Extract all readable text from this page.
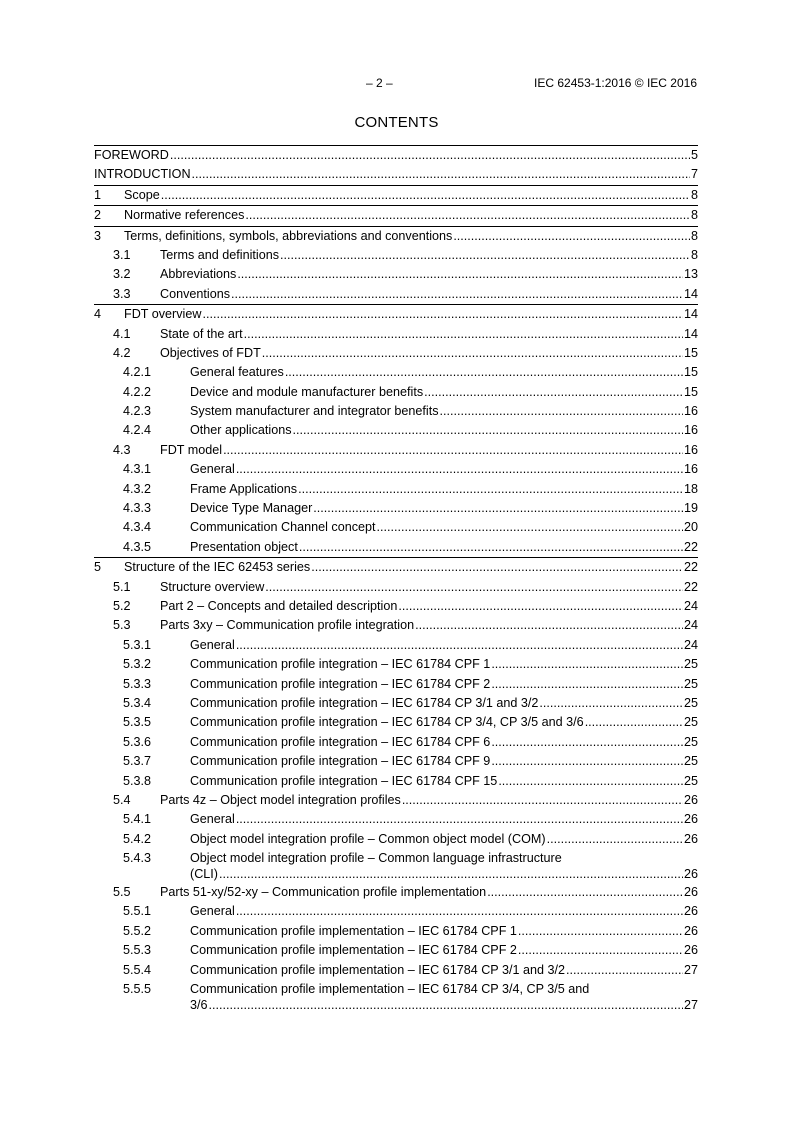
– 2 –	IEC 62453-1:2016 © IEC 2016
CONTENTS
FOREWORD .....	5
INTRODUCTION .....	7
1 Scope .....	8
2 Normative references .....	8
3 Terms, definitions, symbols, abbreviations and conventions .....	8
3.1 Terms and definitions .....	8
3.2 Abbreviations .....	13
3.3 Conventions .....	14
4 FDT overview .....	14
4.1 State of the art .....	14
4.2 Objectives of FDT .....	15
4.2.1	General features .....	15
4.2.2	Device and module manufacturer benefits .....	15
4.2.3	System manufacturer and integrator benefits .....	16
4.2.4	Other applications .....	16
4.3 FDT model .....	16
4.3.1	General .....	16
4.3.2	Frame Applications .....	18
4.3.3	Device Type Manager .....	19
4.3.4	Communication Channel concept .....	20
4.3.5	Presentation object .....	22
5 Structure of the IEC 62453 series .....	22
5.1 Structure overview .....	22
5.2 Part 2 – Concepts and detailed description .....	24
5.3 Parts 3xy – Communication profile integration .....	24
5.3.1	General .....	24
5.3.2	Communication profile integration – IEC 61784 CPF 1 .....	25
5.3.3	Communication profile integration – IEC 61784 CPF 2 .....	25
5.3.4	Communication profile integration – IEC 61784 CP 3/1 and 3/2 .....	25
5.3.5	Communication profile integration – IEC 61784 CP 3/4, CP 3/5 and 3/6 .....	25
5.3.6	Communication profile integration – IEC 61784 CPF 6 .....	25
5.3.7	Communication profile integration – IEC 61784 CPF 9 .....	25
5.3.8	Communication profile integration – IEC 61784 CPF 15 .....	25
5.4 Parts 4z – Object model integration profiles .....	26
5.4.1	General .....	26
5.4.2	Object model integration profile – Common object model (COM) .....	26
5.4.3	Object model integration profile – Common language infrastructure
(CLI) .....	26
5.5 Parts 51-xy/52-xy – Communication profile implementation .....	26
5.5.1	General .....	26
5.5.2	Communication profile implementation – IEC 61784 CPF 1 .....	26
5.5.3	Communication profile implementation – IEC 61784 CPF 2 .....	26
5.5.4	Communication profile implementation – IEC 61784 CP 3/1 and 3/2 .....	27
5.5.5	Communication profile implementation – IEC 61784 CP 3/4, CP 3/5 and
3/6 .....	27
